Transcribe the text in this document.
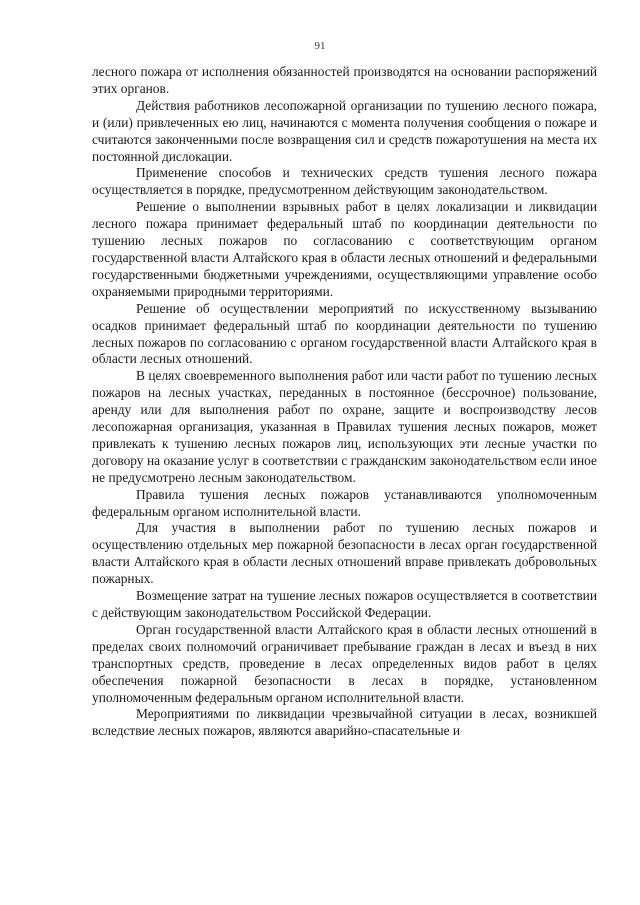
91

лесного пожара от исполнения обязанностей производятся на основании распоряжений этих органов.

Действия работников лесопожарной организации по тушению лесного пожара, и (или) привлеченных ею лиц, начинаются с момента получения сообщения о пожаре и считаются законченными после возвращения сил и средств пожаротушения на места их постоянной дислокации.

Применение способов и технических средств тушения лесного пожара осуществляется в порядке, предусмотренном действующим законодательством.

Решение о выполнении взрывных работ в целях локализации и ликвидации лесного пожара принимает федеральный штаб по координации деятельности по тушению лесных пожаров по согласованию с соответствующим органом государственной власти Алтайского края в области лесных отношений и федеральными государственными бюджетными учреждениями, осуществляющими управление особо охраняемыми природными территориями.

Решение об осуществлении мероприятий по искусственному вызыванию осадков принимает федеральный штаб по координации деятельности по тушению лесных пожаров по согласованию с органом государственной власти Алтайского края в области лесных отношений.

В целях своевременного выполнения работ или части работ по тушению лесных пожаров на лесных участках, переданных в постоянное (бессрочное) пользование, аренду или для выполнения работ по охране, защите и воспроизводству лесов лесопожарная организация, указанная в Правилах тушения лесных пожаров, может привлекать к тушению лесных пожаров лиц, использующих эти лесные участки по договору на оказание услуг в соответствии с гражданским законодательством если иное не предусмотрено лесным законодательством.

Правила тушения лесных пожаров устанавливаются уполномоченным федеральным органом исполнительной власти.

Для участия в выполнении работ по тушению лесных пожаров и осуществлению отдельных мер пожарной безопасности в лесах орган государственной власти Алтайского края в области лесных отношений вправе привлекать добровольных пожарных.

Возмещение затрат на тушение лесных пожаров осуществляется в соответствии с действующим законодательством Российской Федерации.

Орган государственной власти Алтайского края в области лесных отношений в пределах своих полномочий ограничивает пребывание граждан в лесах и въезд в них транспортных средств, проведение в лесах определенных видов работ в целях обеспечения пожарной безопасности в лесах в порядке, установленном уполномоченным федеральным органом исполнительной власти.

Мероприятиями по ликвидации чрезвычайной ситуации в лесах, возникшей вследствие лесных пожаров, являются аварийно-спасательные и
